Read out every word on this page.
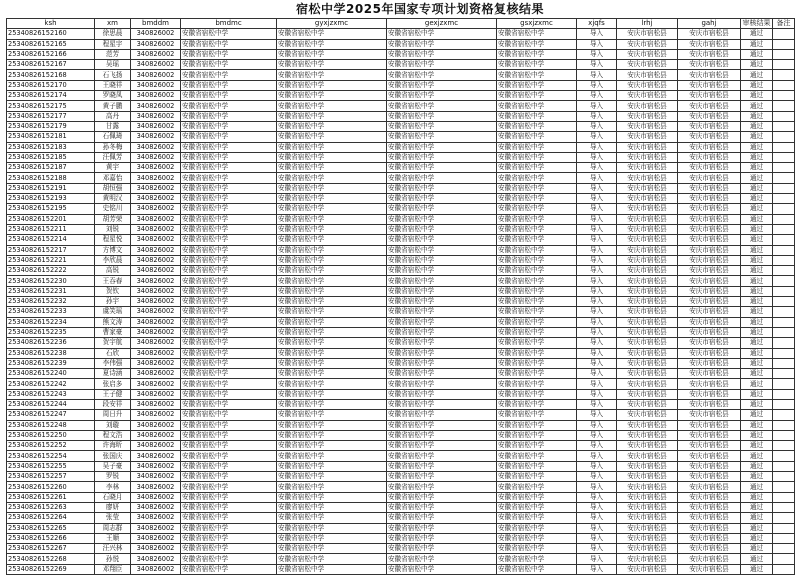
宿松中学2025年国家专项计划资格复核结果
ksh	xm	bmddm	bmdmc	gyxjzxmc	gexjzxmc	gsxjzxmc	xjqfs	lrhj	gahj	审核结果	备注
25340826152160	徐思晨	340826002	安徽省宿松中学	安徽省宿松中学	安徽省宿松中学	安徽省宿松中学	导入	安庆市宿松县	安庆市宿松县	通过	
25340826152165	程星宇	340826002	安徽省宿松中学	安徽省宿松中学	安徽省宿松中学	安徽省宿松中学	导入	安庆市宿松县	安庆市宿松县	通过	
25340826152166	范芳	340826002	安徽省宿松中学	安徽省宿松中学	安徽省宿松中学	安徽省宿松中学	导入	安庆市宿松县	安庆市宿松县	通过	
25340826152167	吴瑶	340826002	安徽省宿松中学	安徽省宿松中学	安徽省宿松中学	安徽省宿松中学	导入	安庆市宿松县	安庆市宿松县	通过	
25340826152168	石飞扬	340826002	安徽省宿松中学	安徽省宿松中学	安徽省宿松中学	安徽省宿松中学	导入	安庆市宿松县	安庆市宿松县	通过	
25340826152170	王晓祥	340826002	安徽省宿松中学	安徽省宿松中学	安徽省宿松中学	安徽省宿松中学	导入	安庆市宿松县	安庆市宿松县	通过	
25340826152174	罗晓凤	340826002	安徽省宿松中学	安徽省宿松中学	安徽省宿松中学	安徽省宿松中学	导入	安庆市宿松县	安庆市宿松县	通过	
25340826152175	黄子鹏	340826002	安徽省宿松中学	安徽省宿松中学	安徽省宿松中学	安徽省宿松中学	导入	安庆市宿松县	安庆市宿松县	通过	
25340826152177	高丹	340826002	安徽省宿松中学	安徽省宿松中学	安徽省宿松中学	安徽省宿松中学	导入	安庆市宿松县	安庆市宿松县	通过	
25340826152179	甘露	340826002	安徽省宿松中学	安徽省宿松中学	安徽省宿松中学	安徽省宿松中学	导入	安庆市宿松县	安庆市宿松县	通过	
25340826152181	石佩琦	340826002	安徽省宿松中学	安徽省宿松中学	安徽省宿松中学	安徽省宿松中学	导入	安庆市宿松县	安庆市宿松县	通过	
25340826152183	孙冬梅	340826002	安徽省宿松中学	安徽省宿松中学	安徽省宿松中学	安徽省宿松中学	导入	安庆市宿松县	安庆市宿松县	通过	
25340826152185	汪佩芳	340826002	安徽省宿松中学	安徽省宿松中学	安徽省宿松中学	安徽省宿松中学	导入	安庆市宿松县	安庆市宿松县	通过	
25340826152187	黄宇	340826002	安徽省宿松中学	安徽省宿松中学	安徽省宿松中学	安徽省宿松中学	导入	安庆市宿松县	安庆市宿松县	通过	
25340826152188	邓嘉怡	340826002	安徽省宿松中学	安徽省宿松中学	安徽省宿松中学	安徽省宿松中学	导入	安庆市宿松县	安庆市宿松县	通过	
25340826152191	胡恒强	340826002	安徽省宿松中学	安徽省宿松中学	安徽省宿松中学	安徽省宿松中学	导入	安庆市宿松县	安庆市宿松县	通过	
25340826152193	黄明汉	340826002	安徽省宿松中学	安徽省宿松中学	安徽省宿松中学	安徽省宿松中学	导入	安庆市宿松县	安庆市宿松县	通过	
25340826152195	史铭川	340826002	安徽省宿松中学	安徽省宿松中学	安徽省宿松中学	安徽省宿松中学	导入	安庆市宿松县	安庆市宿松县	通过	
25340826152201	胡芳荣	340826002	安徽省宿松中学	安徽省宿松中学	安徽省宿松中学	安徽省宿松中学	导入	安庆市宿松县	安庆市宿松县	通过	
25340826152211	刘锐	340826002	安徽省宿松中学	安徽省宿松中学	安徽省宿松中学	安徽省宿松中学	导入	安庆市宿松县	安庆市宿松县	通过	
25340826152214	程星悦	340826002	安徽省宿松中学	安徽省宿松中学	安徽省宿松中学	安徽省宿松中学	导入	安庆市宿松县	安庆市宿松县	通过	
25340826152217	方博文	340826002	安徽省宿松中学	安徽省宿松中学	安徽省宿松中学	安徽省宿松中学	导入	安庆市宿松县	安庆市宿松县	通过	
25340826152221	李欣晨	340826002	安徽省宿松中学	安徽省宿松中学	安徽省宿松中学	安徽省宿松中学	导入	安庆市宿松县	安庆市宿松县	通过	
25340826152222	高锐	340826002	安徽省宿松中学	安徽省宿松中学	安徽省宿松中学	安徽省宿松中学	导入	安庆市宿松县	安庆市宿松县	通过	
25340826152230	王吞春	340826002	安徽省宿松中学	安徽省宿松中学	安徽省宿松中学	安徽省宿松中学	导入	安庆市宿松县	安庆市宿松县	通过	
25340826152231	贺钦	340826002	安徽省宿松中学	安徽省宿松中学	安徽省宿松中学	安徽省宿松中学	导入	安庆市宿松县	安庆市宿松县	通过	
25340826152232	孙宇	340826002	安徽省宿松中学	安徽省宿松中学	安徽省宿松中学	安徽省宿松中学	导入	安庆市宿松县	安庆市宿松县	通过	
25340826152233	虞笑瑶	340826002	安徽省宿松中学	安徽省宿松中学	安徽省宿松中学	安徽省宿松中学	导入	安庆市宿松县	安庆市宿松县	通过	
25340826152234	熊文涛	340826002	安徽省宿松中学	安徽省宿松中学	安徽省宿松中学	安徽省宿松中学	导入	安庆市宿松县	安庆市宿松县	通过	
25340826152235	曹家豪	340826002	安徽省宿松中学	安徽省宿松中学	安徽省宿松中学	安徽省宿松中学	导入	安庆市宿松县	安庆市宿松县	通过	
25340826152236	贺宇航	340826002	安徽省宿松中学	安徽省宿松中学	安徽省宿松中学	安徽省宿松中学	导入	安庆市宿松县	安庆市宿松县	通过	
25340826152238	石欣	340826002	安徽省宿松中学	安徽省宿松中学	安徽省宿松中学	安徽省宿松中学	导入	安庆市宿松县	安庆市宿松县	通过	
25340826152239	李伟强	340826002	安徽省宿松中学	安徽省宿松中学	安徽省宿松中学	安徽省宿松中学	导入	安庆市宿松县	安庆市宿松县	通过	
25340826152240	夏诗涵	340826002	安徽省宿松中学	安徽省宿松中学	安徽省宿松中学	安徽省宿松中学	导入	安庆市宿松县	安庆市宿松县	通过	
25340826152242	张启多	340826002	安徽省宿松中学	安徽省宿松中学	安徽省宿松中学	安徽省宿松中学	导入	安庆市宿松县	安庆市宿松县	通过	
25340826152243	王子健	340826002	安徽省宿松中学	安徽省宿松中学	安徽省宿松中学	安徽省宿松中学	导入	安庆市宿松县	安庆市宿松县	通过	
25340826152244	段安祥	340826002	安徽省宿松中学	安徽省宿松中学	安徽省宿松中学	安徽省宿松中学	导入	安庆市宿松县	安庆市宿松县	通过	
25340826152247	周日升	340826002	安徽省宿松中学	安徽省宿松中学	安徽省宿松中学	安徽省宿松中学	导入	安庆市宿松县	安庆市宿松县	通过	
25340826152248	刘璇	340826002	安徽省宿松中学	安徽省宿松中学	安徽省宿松中学	安徽省宿松中学	导入	安庆市宿松县	安庆市宿松县	通过	
25340826152250	程文浩	340826002	安徽省宿松中学	安徽省宿松中学	安徽省宿松中学	安徽省宿松中学	导入	安庆市宿松县	安庆市宿松县	通过	
25340826152252	许海昕	340826002	安徽省宿松中学	安徽省宿松中学	安徽省宿松中学	安徽省宿松中学	导入	安庆市宿松县	安庆市宿松县	通过	
25340826152254	张国庆	340826002	安徽省宿松中学	安徽省宿松中学	安徽省宿松中学	安徽省宿松中学	导入	安庆市宿松县	安庆市宿松县	通过	
25340826152255	吴子豪	340826002	安徽省宿松中学	安徽省宿松中学	安徽省宿松中学	安徽省宿松中学	导入	安庆市宿松县	安庆市宿松县	通过	
25340826152257	罗锐	340826002	安徽省宿松中学	安徽省宿松中学	安徽省宿松中学	安徽省宿松中学	导入	安庆市宿松县	安庆市宿松县	通过	
25340826152260	李林	340826002	安徽省宿松中学	安徽省宿松中学	安徽省宿松中学	安徽省宿松中学	导入	安庆市宿松县	安庆市宿松县	通过	
25340826152261	石晓月	340826002	安徽省宿松中学	安徽省宿松中学	安徽省宿松中学	安徽省宿松中学	导入	安庆市宿松县	安庆市宿松县	通过	
25340826152263	廖妍	340826002	安徽省宿松中学	安徽省宿松中学	安徽省宿松中学	安徽省宿松中学	导入	安庆市宿松县	安庆市宿松县	通过	
25340826152264	张莹	340826002	安徽省宿松中学	安徽省宿松中学	安徽省宿松中学	安徽省宿松中学	导入	安庆市宿松县	安庆市宿松县	通过	
25340826152265	周志群	340826002	安徽省宿松中学	安徽省宿松中学	安徽省宿松中学	安徽省宿松中学	导入	安庆市宿松县	安庆市宿松县	通过	
25340826152266	王顺	340826002	安徽省宿松中学	安徽省宿松中学	安徽省宿松中学	安徽省宿松中学	导入	安庆市宿松县	安庆市宿松县	通过	
25340826152267	汪兴林	340826002	安徽省宿松中学	安徽省宿松中学	安徽省宿松中学	安徽省宿松中学	导入	安庆市宿松县	安庆市宿松县	通过	
25340826152268	孙悦	340826002	安徽省宿松中学	安徽省宿松中学	安徽省宿松中学	安徽省宿松中学	导入	安庆市宿松县	安庆市宿松县	通过	
25340826152269	邓翔臣	340826002	安徽省宿松中学	安徽省宿松中学	安徽省宿松中学	安徽省宿松中学	导入	安庆市宿松县	安庆市宿松县	通过	
